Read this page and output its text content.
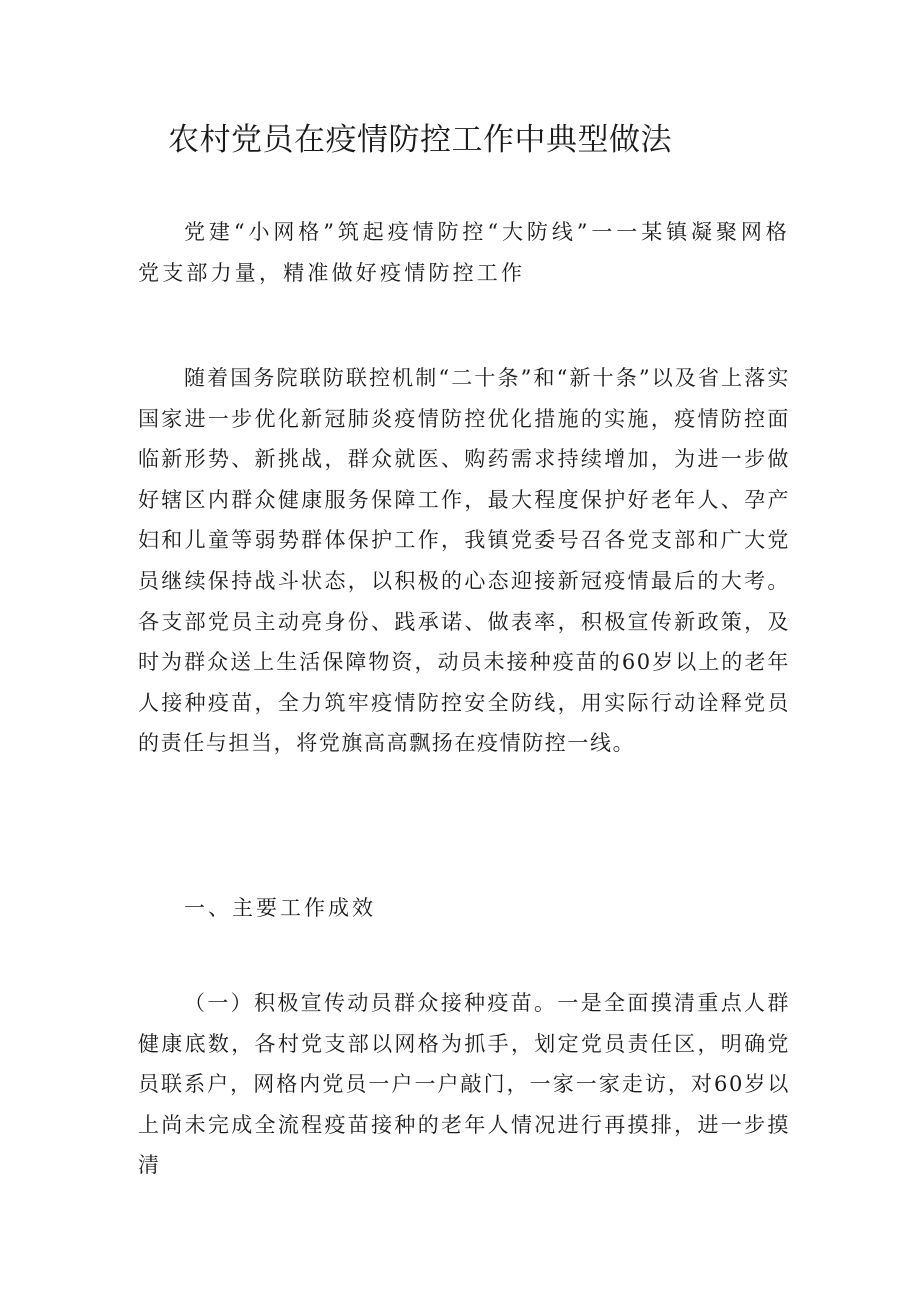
农村党员在疫情防控工作中典型做法

党建“小网格”筑起疫情防控“大防线”一一某镇凝聚网格党支部力量，精准做好疫情防控工作

随着国务院联防联控机制“二十条”和“新十条”以及省上落实国家进一步优化新冠肺炎疫情防控优化措施的实施，疫情防控面临新形势、新挑战，群众就医、购药需求持续增加，为进一步做好辖区内群众健康服务保障工作，最大程度保护好老年人、孕产妇和儿童等弱势群体保护工作，我镇党委号召各党支部和广大党员继续保持战斗状态，以积极的心态迎接新冠疫情最后的大考。各支部党员主动亮身份、践承诺、做表率，积极宣传新政策，及时为群众送上生活保障物资，动员未接种疫苗的60岁以上的老年人接种疫苗，全力筑牢疫情防控安全防线，用实际行动诠释党员的责任与担当，将党旗高高飘扬在疫情防控一线。

一、主要工作成效

（一）积极宣传动员群众接种疫苗。一是全面摸清重点人群健康底数，各村党支部以网格为抓手，划定党员责任区，明确党员联系户，网格内党员一户一户敲门，一家一家走访，对60岁以上尚未完成全流程疫苗接种的老年人情况进行再摸排，进一步摸清
